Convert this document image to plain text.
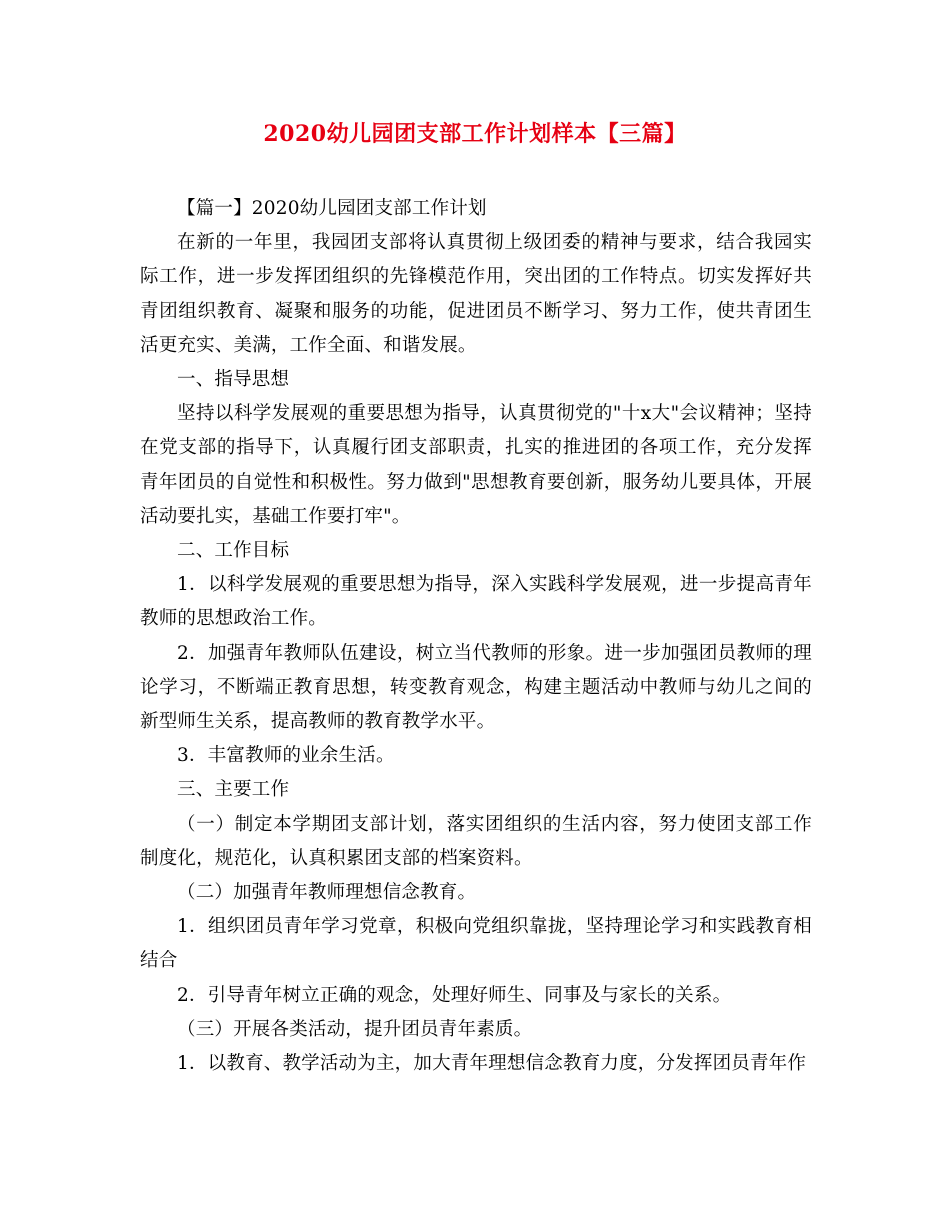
2020幼儿园团支部工作计划样本【三篇】

【篇一】2020幼儿园团支部工作计划

在新的一年里，我园团支部将认真贯彻上级团委的精神与要求，结合我园实际工作，进一步发挥团组织的先锋模范作用，突出团的工作特点。切实发挥好共青团组织教育、凝聚和服务的功能，促进团员不断学习、努力工作，使共青团生活更充实、美满，工作全面、和谐发展。

一、指导思想

坚持以科学发展观的重要思想为指导，认真贯彻党的"十x大"会议精神；坚持在党支部的指导下，认真履行团支部职责，扎实的推进团的各项工作，充分发挥青年团员的自觉性和积极性。努力做到"思想教育要创新，服务幼儿要具体，开展活动要扎实，基础工作要打牢"。

二、工作目标

1．以科学发展观的重要思想为指导，深入实践科学发展观，进一步提高青年教师的思想政治工作。

2．加强青年教师队伍建设，树立当代教师的形象。进一步加强团员教师的理论学习，不断端正教育思想，转变教育观念，构建主题活动中教师与幼儿之间的新型师生关系，提高教师的教育教学水平。

3．丰富教师的业余生活。

三、主要工作

（一）制定本学期团支部计划，落实团组织的生活内容，努力使团支部工作制度化，规范化，认真积累团支部的档案资料。

（二）加强青年教师理想信念教育。

1．组织团员青年学习党章，积极向党组织靠拢，坚持理论学习和实践教育相结合

2．引导青年树立正确的观念，处理好师生、同事及与家长的关系。

（三）开展各类活动，提升团员青年素质。

1．以教育、教学活动为主，加大青年理想信念教育力度，分发挥团员青年作
